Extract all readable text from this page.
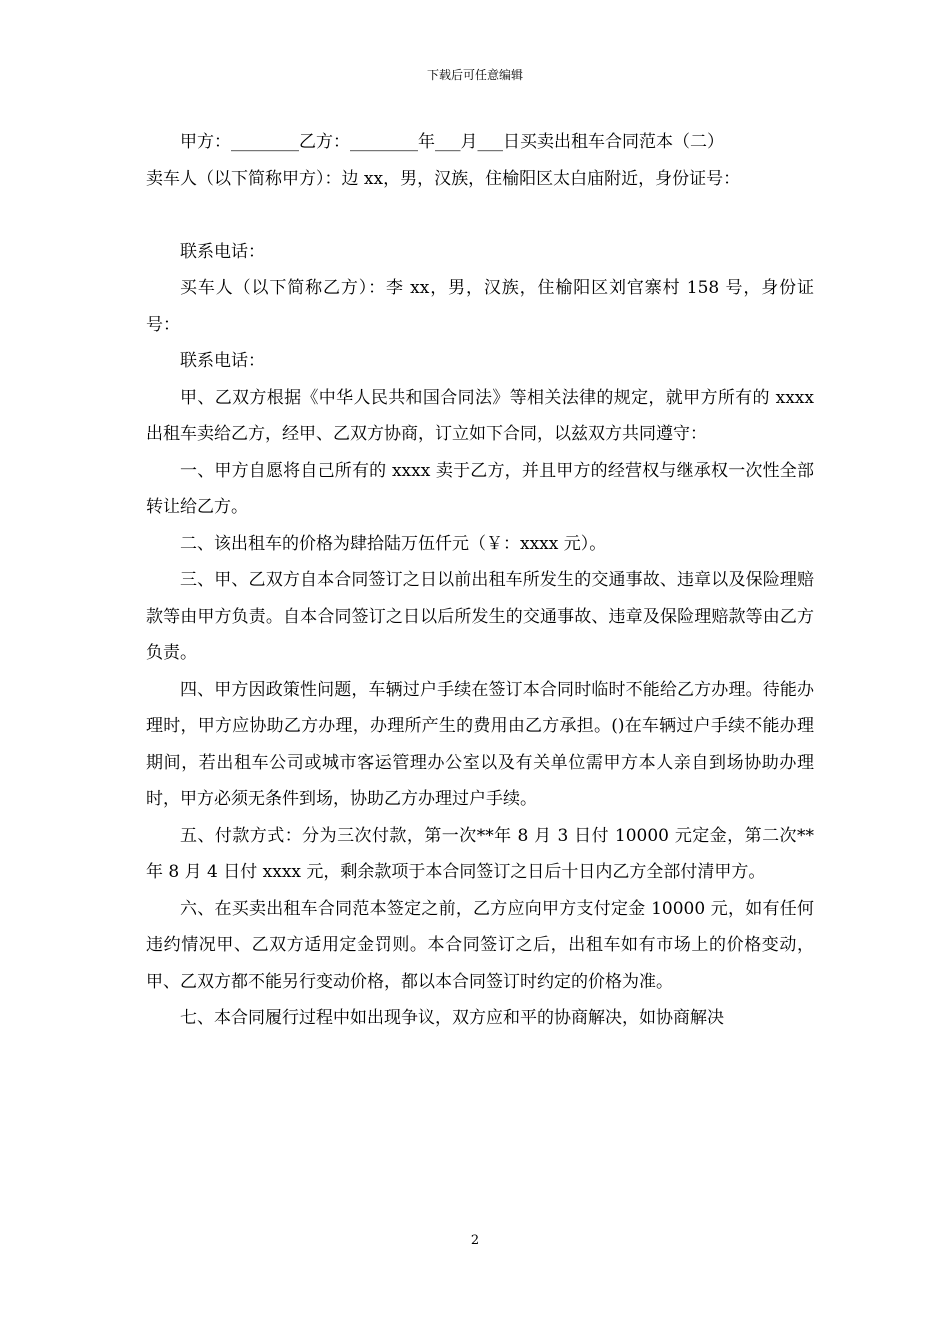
下载后可任意编辑

甲方：________乙方：________年___月___日买卖出租车合同范本（二）

卖车人（以下简称甲方）：边 xx，男，汉族，住榆阳区太白庙附近，身份证号：

联系电话：

买车人（以下简称乙方）：李 xx，男，汉族，住榆阳区刘官寨村 158 号，身份证号：

联系电话：

甲、乙双方根据《中华人民共和国合同法》等相关法律的规定，就甲方所有的 xxxx 出租车卖给乙方，经甲、乙双方协商，订立如下合同，以兹双方共同遵守：

一、甲方自愿将自己所有的 xxxx 卖于乙方，并且甲方的经营权与继承权一次性全部转让给乙方。

二、该出租车的价格为肆拾陆万伍仟元（￥：xxxx 元）。

三、甲、乙双方自本合同签订之日以前出租车所发生的交通事故、违章以及保险理赔款等由甲方负责。自本合同签订之日以后所发生的交通事故、违章及保险理赔款等由乙方负责。

四、甲方因政策性问题，车辆过户手续在签订本合同时临时不能给乙方办理。待能办理时，甲方应协助乙方办理，办理所产生的费用由乙方承担。()在车辆过户手续不能办理期间，若出租车公司或城市客运管理办公室以及有关单位需甲方本人亲自到场协助办理时，甲方必须无条件到场，协助乙方办理过户手续。

五、付款方式：分为三次付款，第一次**年 8 月 3 日付 10000 元定金，第二次**年 8 月 4 日付 xxxx 元，剩余款项于本合同签订之日后十日内乙方全部付清甲方。

六、在买卖出租车合同范本签定之前，乙方应向甲方支付定金 10000 元，如有任何违约情况甲、乙双方适用定金罚则。本合同签订之后，出租车如有市场上的价格变动，甲、乙双方都不能另行变动价格，都以本合同签订时约定的价格为准。

七、本合同履行过程中如出现争议，双方应和平的协商解决，如协商解决

2
